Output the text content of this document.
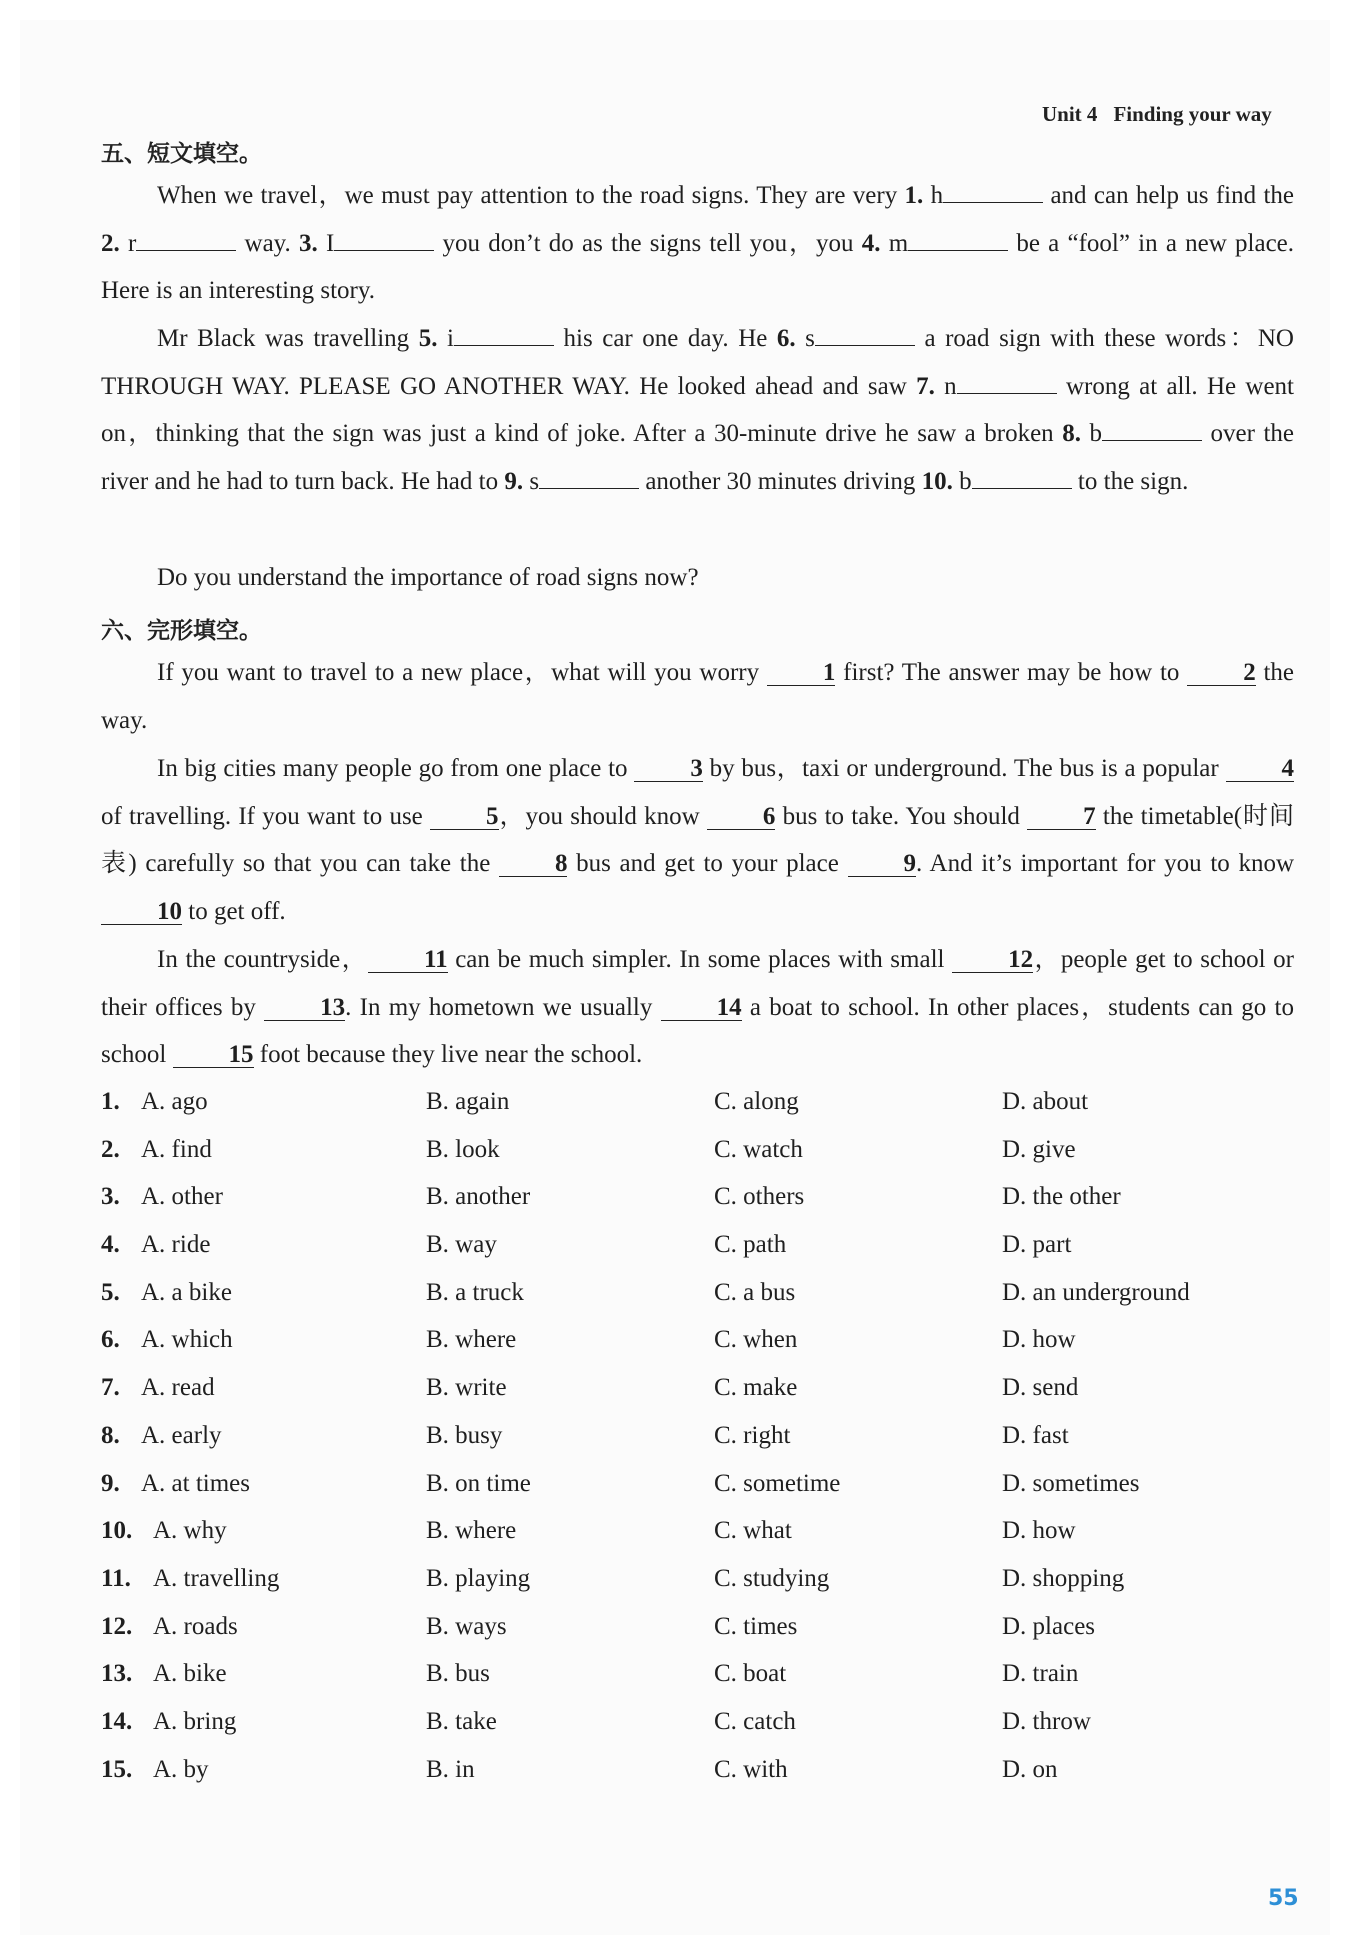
Unit 4 Finding your way
五、短文填空。
When we travel，we must pay attention to the road signs. They are very 1. h	and can help us find the 2. r	way. 3. I	you don’t do as the signs tell you，you 4. m	be a “fool” in a new place. Here is an interesting story.
Mr Black was travelling 5. i	his car one day. He 6. s	a road sign with these words：NO THROUGH WAY. PLEASE GO ANOTHER WAY. He looked ahead and saw 7. n	wrong at all. He went on，thinking that the sign was just a kind of joke. After a 30-minute drive he saw a broken 8. b	over the river and he had to turn back. He had to 9. s	another 30 minutes driving 10. b	to the sign.
Do you understand the importance of road signs now?
六、完形填空。
If you want to travel to a new place，what will you worry 1 first? The answer may be how to 2 the way.
In big cities many people go from one place to 3 by bus，taxi or underground. The bus is a popular 4 of travelling. If you want to use 5，you should know 6 bus to take. You should 7 the timetable(时间表) carefully so that you can take the 8 bus and get to your place 9. And it’s important for you to know 10 to get off.
In the countryside， 11 can be much simpler. In some places with small 12，people get to school or their offices by 13. In my hometown we usually 14 a boat to school. In other places，students can go to school 15 foot because they live near the school.
1. A. ago	B. again	C. along	D. about
2. A. find	B. look	C. watch	D. give
3. A. other	B. another	C. others	D. the other
4. A. ride	B. way	C. path	D. part
5. A. a bike	B. a truck	C. a bus	D. an underground
6. A. which	B. where	C. when	D. how
7. A. read	B. write	C. make	D. send
8. A. early	B. busy	C. right	D. fast
9. A. at times	B. on time	C. sometime	D. sometimes
10. A. why	B. where	C. what	D. how
11. A. travelling	B. playing	C. studying	D. shopping
12. A. roads	B. ways	C. times	D. places
13. A. bike	B. bus	C. boat	D. train
14. A. bring	B. take	C. catch	D. throw
15. A. by	B. in	C. with	D. on
55
